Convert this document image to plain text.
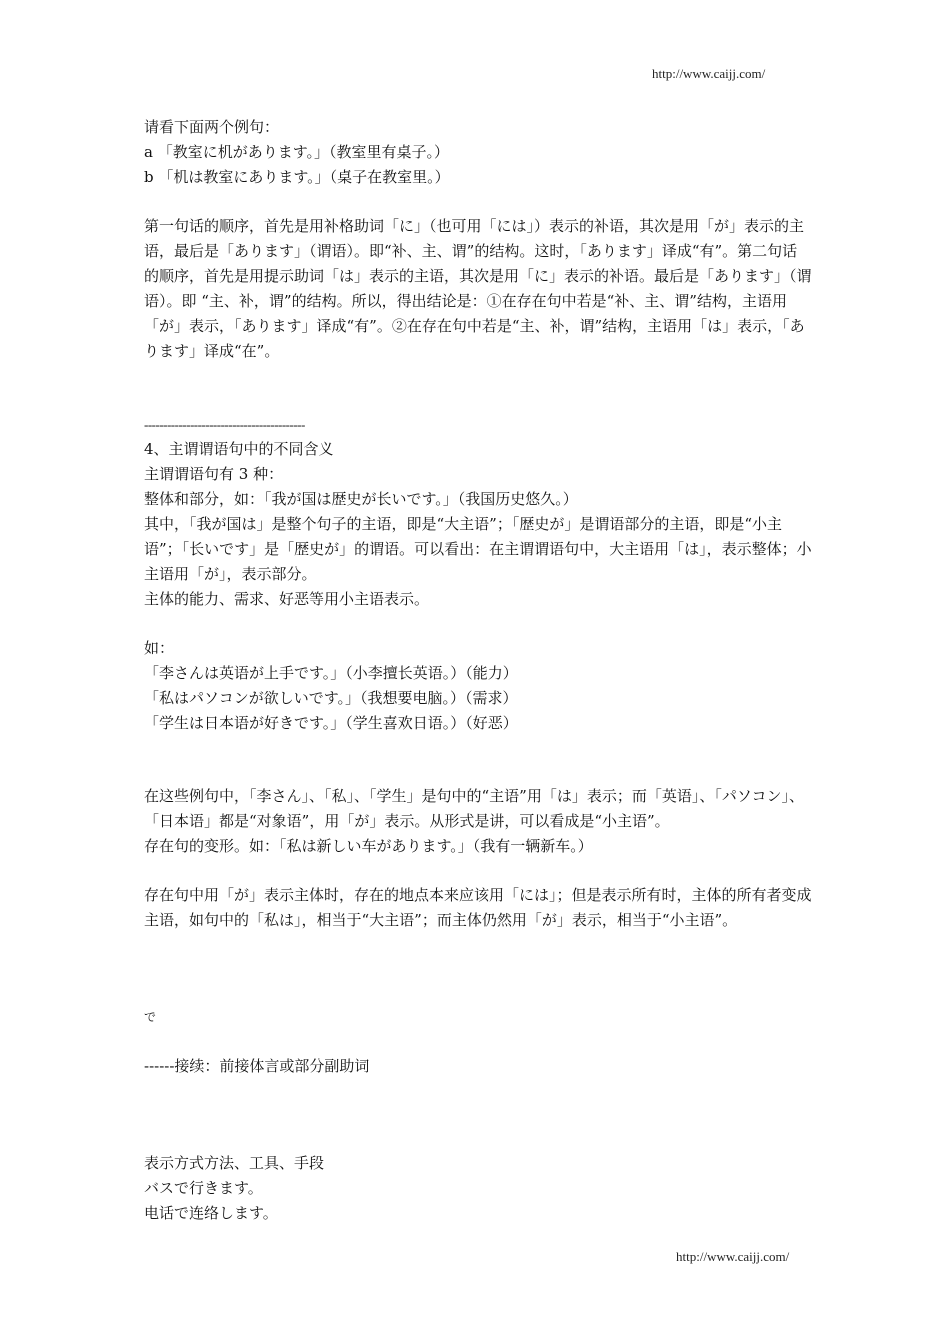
http://www.caijj.com/

请看下面两个例句：

a 「教室に机があります。」（教室里有桌子。）

b 「机は教室にあります。」（桌子在教室里。）

第一句话的顺序，首先是用补格助词「に」（也可用「には」）表示的补语，其次是用「が」表示的主语，最后是「あります」（谓语）。即“补、主、谓”的结构。这时，「あります」译成“有”。第二句话的顺序，首先是用提示助词「は」表示的主语，其次是用「に」表示的补语。最后是「あります」（谓语）。即 “主、补，谓”的结构。所以，得出结论是：①在存在句中若是“补、主、谓”结构，主语用「が」表示，「あります」译成“有”。②在存在句中若是“主、补，谓”结构，主语用「は」表示，「あります」译成“在”。

------------------------------------------

4、主谓谓语句中的不同含义

主谓谓语句有 3 种：

整体和部分，如：「我が国は歴史が长いです。」（我国历史悠久。）

其中，「我が国は」是整个句子的主语，即是“大主语”；「歴史が」是谓语部分的主语，即是“小主语”；「长いです」是「歴史が」的谓语。可以看出：在主谓谓语句中，大主语用「は」，表示整体；小主语用「が」，表示部分。

主体的能力、需求、好恶等用小主语表示。

如：

「李さんは英语が上手です。」（小李擅长英语。）（能力）

「私はパソコンが欲しいです。」（我想要电脑。）（需求）

「学生は日本语が好きです。」（学生喜欢日语。）（好恶）

在这些例句中，「李さん」、「私」、「学生」是句中的“主语”用「は」表示；而「英语」、「パソコン」、「日本语」都是“对象语”，用「が」表示。从形式是讲，可以看成是“小主语”。

存在句的变形。如：「私は新しい车があります。」（我有一辆新车。）

存在句中用「が」表示主体时，存在的地点本来应该用「には」；但是表示所有时，主体的所有者变成主语，如句中的「私は」，相当于“大主语”；而主体仍然用「が」表示，相当于“小主语”。

で

------接续：前接体言或部分副助词

表示方式方法、工具、手段

バスで行きます。

电话で连络します。

http://www.caijj.com/
